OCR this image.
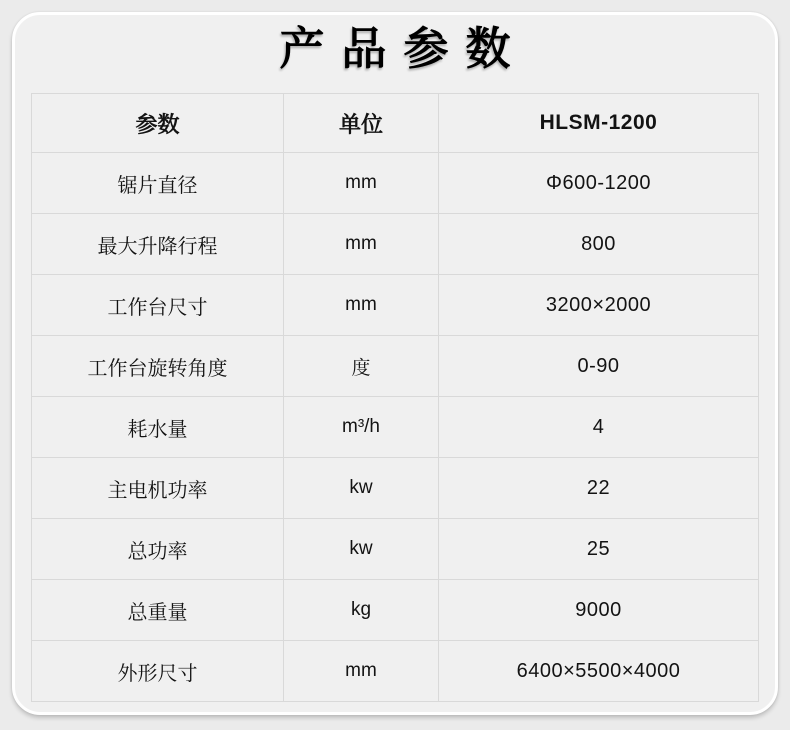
产品参数
参数	单位	HLSM-1200
锯片直径	mm	Φ600-1200
最大升降行程	mm	800
工作台尺寸	mm	3200×2000
工作台旋转角度	度	0-90
耗水量	m³/h	4
主电机功率	kw	22
总功率	kw	25
总重量	kg	9000
外形尺寸	mm	6400×5500×4000
